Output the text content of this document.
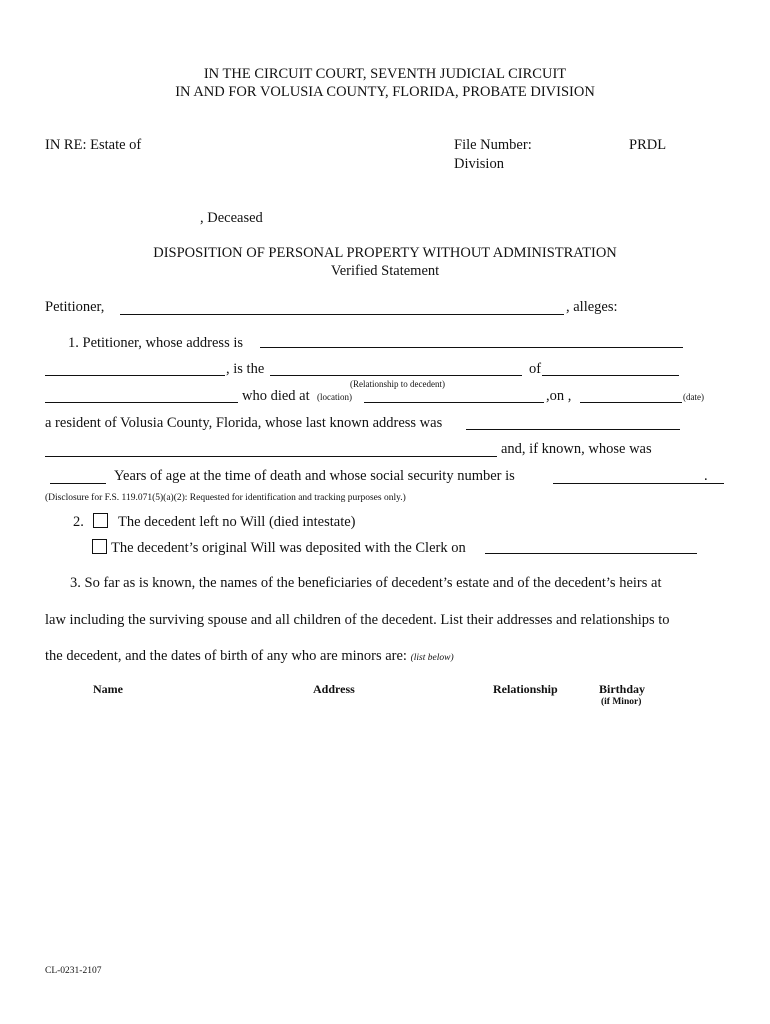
IN THE CIRCUIT COURT, SEVENTH JUDICIAL CIRCUIT
IN AND FOR VOLUSIA COUNTY, FLORIDA, PROBATE DIVISION
IN RE: Estate of	File Number:	PRDL
Division
, Deceased
DISPOSITION OF PERSONAL PROPERTY WITHOUT ADMINISTRATION
Verified Statement
Petitioner,	, alleges:
1. Petitioner, whose address is
, is the	of
(Relationship to decedent)
who died at (location)	,on ,	(date)
a resident of Volusia County, Florida, whose last known address was
and, if known, whose was
Years of age at the time of death and whose social security number is	.
(Disclosure for F.S. 119.071(5)(a)(2): Requested for identification and tracking purposes only.)
2. The decedent left no Will (died intestate)
The decedent’s original Will was deposited with the Clerk on
3. So far as is known, the names of the beneficiaries of decedent’s estate and of the decedent’s heirs at
law including the surviving spouse and all children of the decedent. List their addresses and relationships to
the decedent, and the dates of birth of any who are minors are: (list below)
Name	Address	Relationship	Birthday
(if Minor)
CL-0231-2107
